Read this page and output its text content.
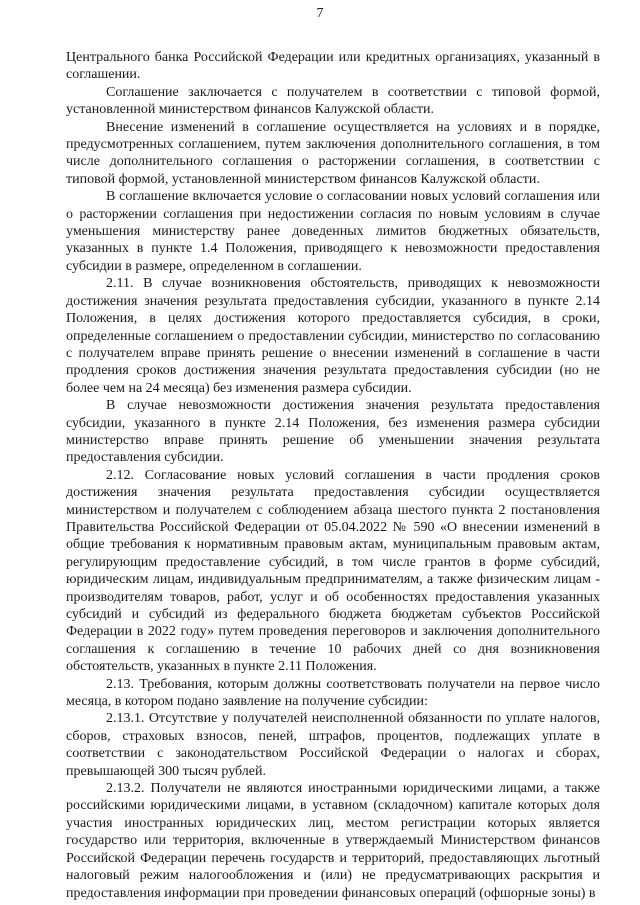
7

Центрального банка Российской Федерации или кредитных организациях, указанный в соглашении.

Соглашение заключается с получателем в соответствии с типовой формой, установленной министерством финансов Калужской области.

Внесение изменений в соглашение осуществляется на условиях и в порядке, предусмотренных соглашением, путем заключения дополнительного соглашения, в том числе дополнительного соглашения о расторжении соглашения, в соответствии с типовой формой, установленной министерством финансов Калужской области.

В соглашение включается условие о согласовании новых условий соглашения или о расторжении соглашения при недостижении согласия по новым условиям в случае уменьшения министерству ранее доведенных лимитов бюджетных обязательств, указанных в пункте 1.4 Положения, приводящего к невозможности предоставления субсидии в размере, определенном в соглашении.

2.11. В случае возникновения обстоятельств, приводящих к невозможности достижения значения результата предоставления субсидии, указанного в пункте 2.14 Положения, в целях достижения которого предоставляется субсидия, в сроки, определенные соглашением о предоставлении субсидии, министерство по согласованию с получателем вправе принять решение о внесении изменений в соглашение в части продления сроков достижения значения результата предоставления субсидии (но не более чем на 24 месяца) без изменения размера субсидии.

В случае невозможности достижения значения результата предоставления субсидии, указанного в пункте 2.14 Положения, без изменения размера субсидии министерство вправе принять решение об уменьшении значения результата предоставления субсидии.

2.12. Согласование новых условий соглашения в части продления сроков достижения значения результата предоставления субсидии осуществляется министерством и получателем с соблюдением абзаца шестого пункта 2 постановления Правительства Российской Федерации от 05.04.2022 № 590 «О внесении изменений в общие требования к нормативным правовым актам, муниципальным правовым актам, регулирующим предоставление субсидий, в том числе грантов в форме субсидий, юридическим лицам, индивидуальным предпринимателям, а также физическим лицам - производителям товаров, работ, услуг и об особенностях предоставления указанных субсидий и субсидий из федерального бюджета бюджетам субъектов Российской Федерации в 2022 году» путем проведения переговоров и заключения дополнительного соглашения к соглашению в течение 10 рабочих дней со дня возникновения обстоятельств, указанных в пункте 2.11 Положения.

2.13. Требования, которым должны соответствовать получатели на первое число месяца, в котором подано заявление на получение субсидии:

2.13.1. Отсутствие у получателей неисполненной обязанности по уплате налогов, сборов, страховых взносов, пеней, штрафов, процентов, подлежащих уплате в соответствии с законодательством Российской Федерации о налогах и сборах, превышающей 300 тысяч рублей.

2.13.2. Получатели не являются иностранными юридическими лицами, а также российскими юридическими лицами, в уставном (складочном) капитале которых доля участия иностранных юридических лиц, местом регистрации которых является государство или территория, включенные в утверждаемый Министерством финансов Российской Федерации перечень государств и территорий, предоставляющих льготный налоговый режим налогообложения и (или) не предусматривающих раскрытия и предоставления информации при проведении финансовых операций (офшорные зоны) в
